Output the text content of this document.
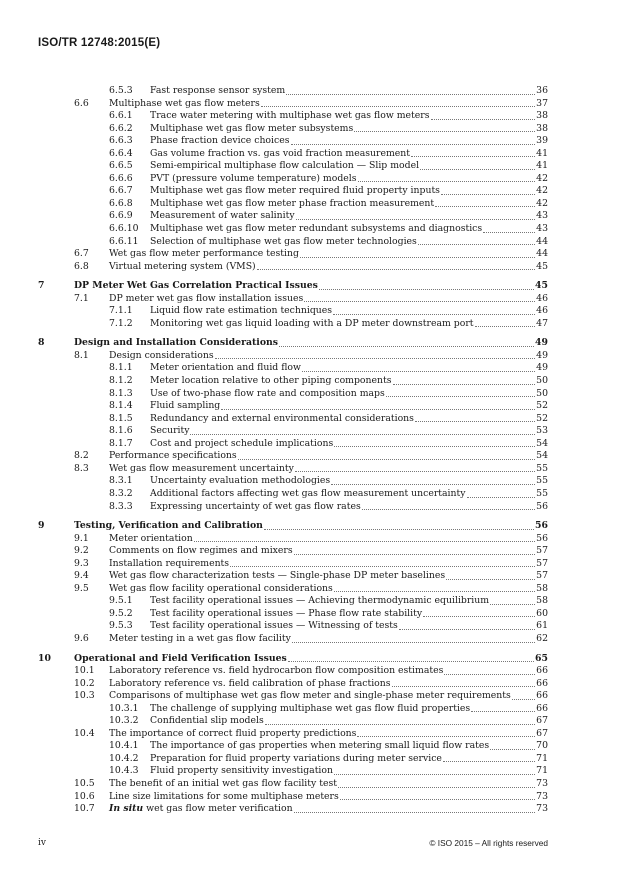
ISO/TR 12748:2015(E)
6.5.3 Fast response sensor system	36
6.6 Multiphase wet gas flow meters	37
6.6.1 Trace water metering with multiphase wet gas flow meters	38
6.6.2 Multiphase wet gas flow meter subsystems	38
6.6.3 Phase fraction device choices	39
6.6.4 Gas volume fraction vs. gas void fraction measurement	41
6.6.5 Semi-empirical multiphase flow calculation — Slip model	41
6.6.6 PVT (pressure volume temperature) models	42
6.6.7 Multiphase wet gas flow meter required fluid property inputs	42
6.6.8 Multiphase wet gas flow meter phase fraction measurement	42
6.6.9 Measurement of water salinity	43
6.6.10 Multiphase wet gas flow meter redundant subsystems and diagnostics	43
6.6.11 Selection of multiphase wet gas flow meter technologies	44
6.7 Wet gas flow meter performance testing	44
6.8 Virtual metering system (VMS)	45
7	DP Meter Wet Gas Correlation Practical Issues	45
7.1 DP meter wet gas flow installation issues	46
7.1.1 Liquid flow rate estimation techniques	46
7.1.2 Monitoring wet gas liquid loading with a DP meter downstream port	47
8	Design and Installation Considerations	49
8.1 Design considerations	49
8.1.1 Meter orientation and fluid flow	49
8.1.2 Meter location relative to other piping components	50
8.1.3 Use of two-phase flow rate and composition maps	50
8.1.4 Fluid sampling	52
8.1.5 Redundancy and external environmental considerations	52
8.1.6 Security	53
8.1.7 Cost and project schedule implications	54
8.2 Performance specifications	54
8.3 Wet gas flow measurement uncertainty	55
8.3.1 Uncertainty evaluation methodologies	55
8.3.2 Additional factors affecting wet gas flow measurement uncertainty	55
8.3.3 Expressing uncertainty of wet gas flow rates	56
9	Testing, Verification and Calibration	56
9.1 Meter orientation	56
9.2 Comments on flow regimes and mixers	57
9.3 Installation requirements	57
9.4 Wet gas flow characterization tests — Single-phase DP meter baselines	57
9.5 Wet gas flow facility operational considerations	58
9.5.1 Test facility operational issues — Achieving thermodynamic equilibrium	58
9.5.2 Test facility operational issues — Phase flow rate stability	60
9.5.3 Test facility operational issues — Witnessing of tests	61
9.6 Meter testing in a wet gas flow facility	62
10 Operational and Field Verification Issues	65
10.1 Laboratory reference vs. field hydrocarbon flow composition estimates	66
10.2 Laboratory reference vs. field calibration of phase fractions	66
10.3 Comparisons of multiphase wet gas flow meter and single-phase meter requirements	66
10.3.1 The challenge of supplying multiphase wet gas flow fluid properties	66
10.3.2 Confidential slip models	67
10.4 The importance of correct fluid property predictions	67
10.4.1 The importance of gas properties when metering small liquid flow rates	70
10.4.2 Preparation for fluid property variations during meter service	71
10.4.3 Fluid property sensitivity investigation	71
10.5 The benefit of an initial wet gas flow facility test	73
10.6 Line size limitations for some multiphase meters	73
10.7 In situ wet gas flow meter verification	73
iv	© ISO 2015 – All rights reserved
